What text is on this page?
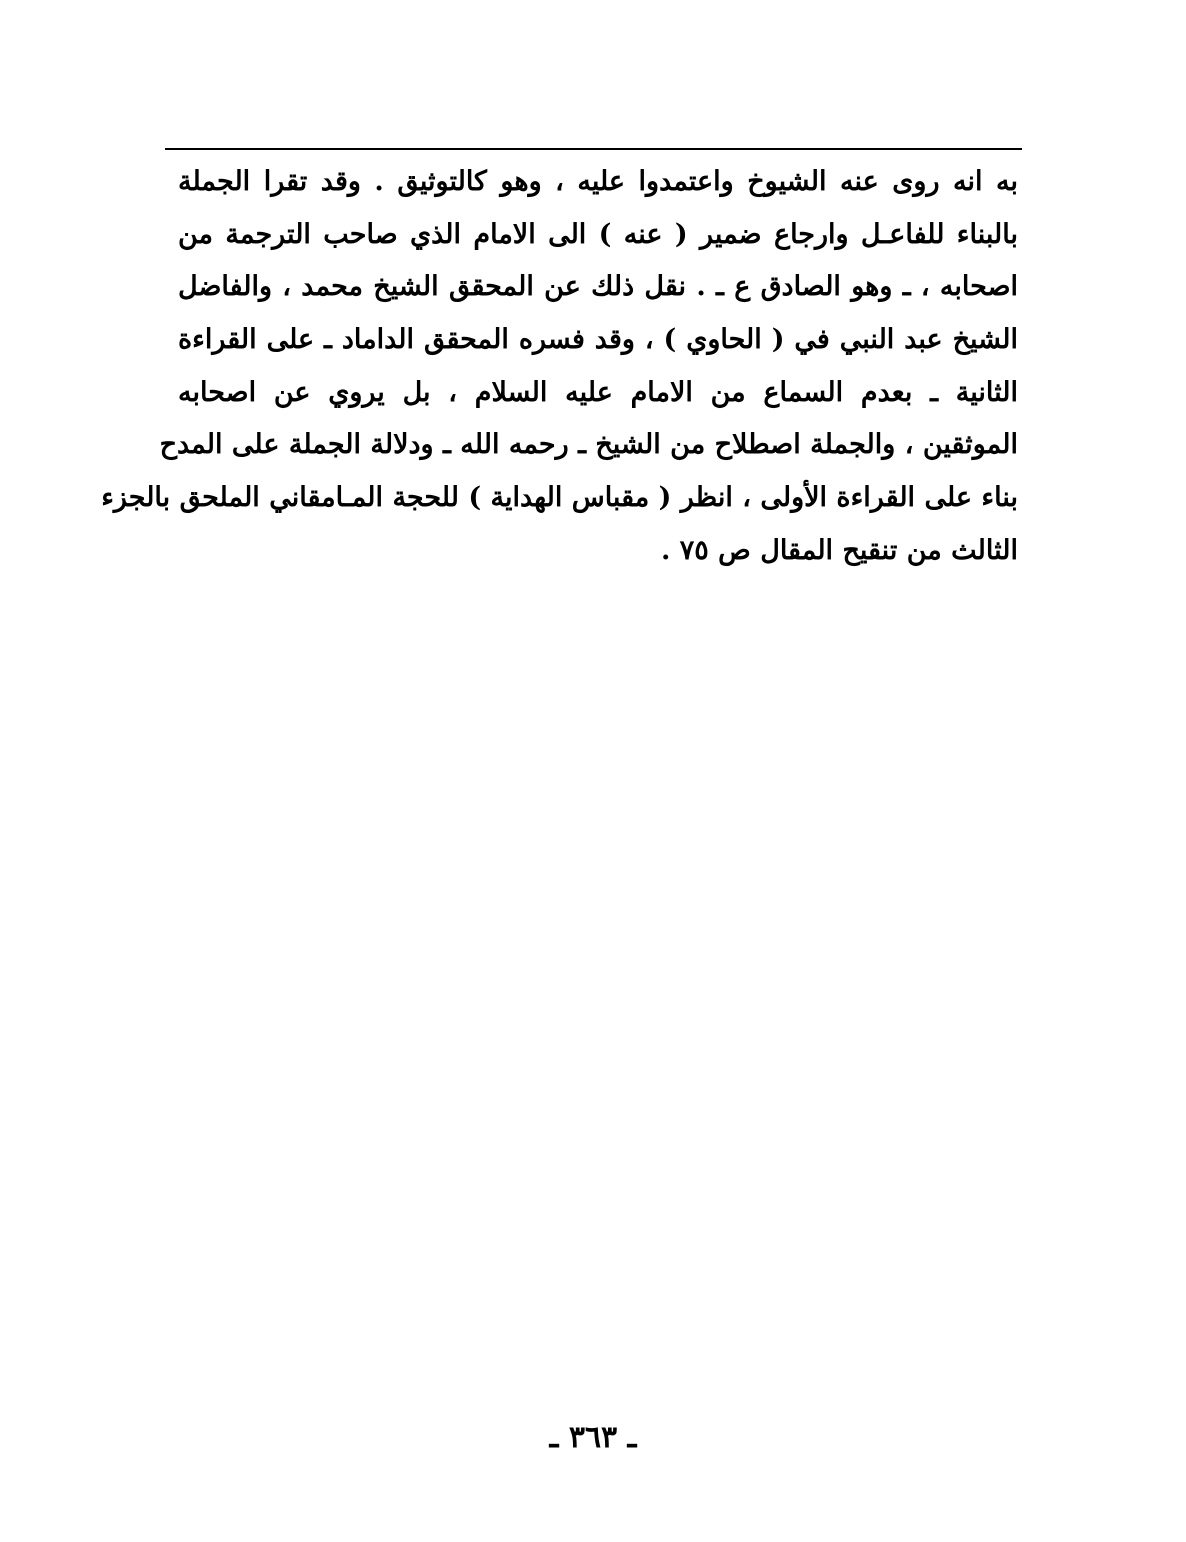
به انه روى عنه الشيوخ واعتمدوا عليه ، وهو كالتوثيق . وقد تقرا الجملة
بالبناء للفاعـل وارجاع ضمير ( عنه ) الى الامام الذي صاحب الترجمة من
اصحابه ، ـ وهو الصادق ع ـ . نقل ذلك عن المحقق الشيخ محمد ، والفاضل
الشيخ عبد النبي في ( الحاوي ) ، وقد فسره المحقق الداماد ـ على القراءة
الثانية ـ بعدم السماع من الامام عليه السلام ، بل يروي عن اصحابه
الموثقين ، والجملة اصطلاح من الشيخ ـ رحمه الله ـ ودلالة الجملة على المدح
بناء على القراءة الأولى ، انظر ( مقباس الهداية ) للحجة المـامقاني الملحق بالجزء
الثالث من تنقيح المقال ص ٧٥ .
ـ ٣٦٣ ـ
